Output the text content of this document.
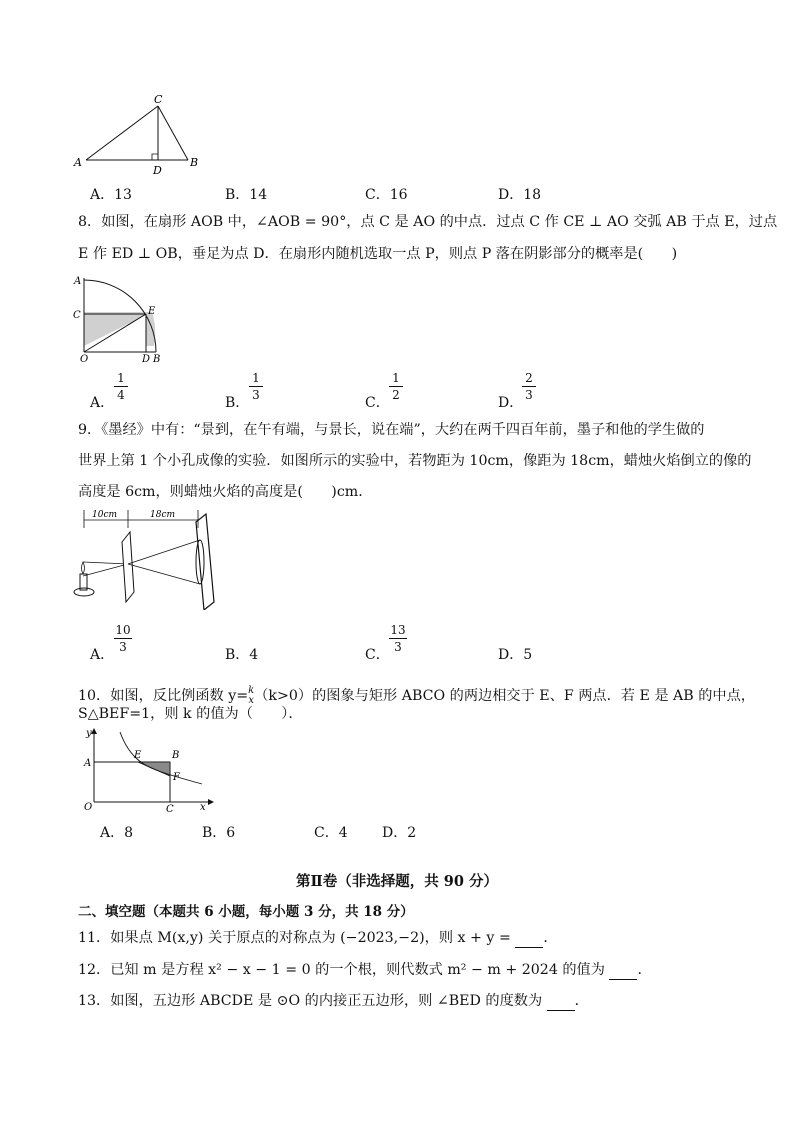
C
A	B
D
A．13	B．14	C．16	D．18
8．如图，在扇形 AOB 中，∠AOB = 90°，点 C 是 AO 的中点．过点 C 作 CE ⊥ AO 交弧 AB 于点 E，过点
E 作 ED ⊥ OB，垂足为点 D．在扇形内随机选取一点 P，则点 P 落在阴影部分的概率是(　　)
A
C	E
O	D B
A．
1
4	B．
1
3	C．
1
2	D．
2
3
9．《墨经》中有：“景到，在午有端，与景长，说在端”，大约在两千四百年前，墨子和他的学生做的
世界上第 1 个小孔成像的实验．如图所示的实验中，若物距为 10cm，像距为 18cm，蜡烛火焰倒立的像的
高度是 6cm，则蜡烛火焰的高度是(　　)cm．
10cm	18cm
A．
10
3	B．4	C．
13
3	D．5
10．如图，反比例函数 y= k
x （k>0）的图象与矩形 ABCO 的两边相交于 E、F 两点．若 E 是 AB 的中点，
S△BEF=1，则 k 的值为（　　）．
y
x
A
E	B
F
O	C
A．8	B．6	C．4 D．2
第Ⅱ卷（非选择题，共 90 分）
二、填空题（本题共 6 小题，每小题 3 分，共 18 分）
11．如果点 M(x,y) 关于原点的对称点为 (−2023,−2)，则 x + y = ．
12．已知 m 是方程 x² − x − 1 = 0 的一个根，则代数式 m² − m + 2024 的值为 ．
13．如图，五边形 ABCDE 是 ⊙O 的内接正五边形，则 ∠BED 的度数为 ．
